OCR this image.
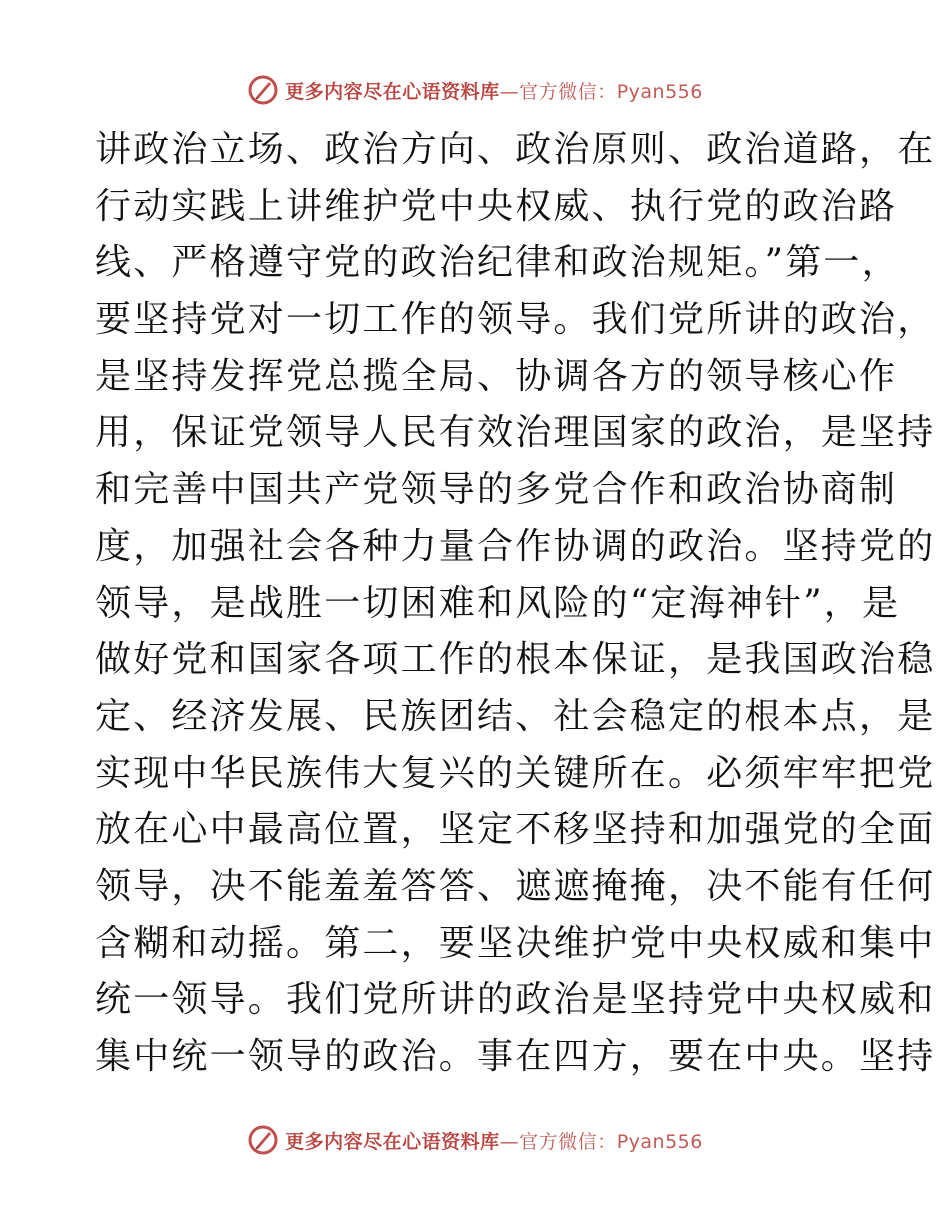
更多内容尽在心语资料库—官方微信：Pyan556
讲政治立场、政治方向、政治原则、政治道路，在
行动实践上讲维护党中央权威、执行党的政治路
线、严格遵守党的政治纪律和政治规矩。”第一，
要坚持党对一切工作的领导。我们党所讲的政治，
是坚持发挥党总揽全局、协调各方的领导核心作
用，保证党领导人民有效治理国家的政治，是坚持
和完善中国共产党领导的多党合作和政治协商制
度，加强社会各种力量合作协调的政治。坚持党的
领导，是战胜一切困难和风险的“定海神针”，是
做好党和国家各项工作的根本保证，是我国政治稳
定、经济发展、民族团结、社会稳定的根本点，是
实现中华民族伟大复兴的关键所在。必须牢牢把党
放在心中最高位置，坚定不移坚持和加强党的全面
领导，决不能羞羞答答、遮遮掩掩，决不能有任何
含糊和动摇。第二，要坚决维护党中央权威和集中
统一领导。我们党所讲的政治是坚持党中央权威和
集中统一领导的政治。事在四方，要在中央。坚持
更多内容尽在心语资料库—官方微信：Pyan556
